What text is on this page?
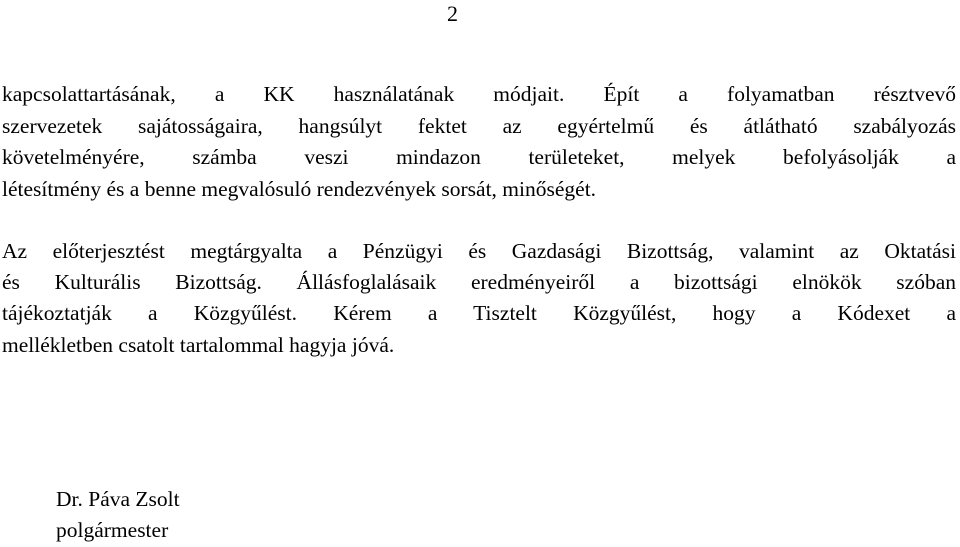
2
kapcsolattartásának, a KK használatának módjait. Épít a folyamatban résztvevő
szervezetek sajátosságaira, hangsúlyt fektet az egyértelmű és átlátható szabályozás
követelményére, számba veszi mindazon területeket, melyek befolyásolják a
létesítmény és a benne megvalósuló rendezvények sorsát, minőségét.
Az előterjesztést megtárgyalta a Pénzügyi és Gazdasági Bizottság, valamint az Oktatási
és Kulturális Bizottság. Állásfoglalásaik eredményeiről a bizottsági elnökök szóban
tájékoztatják a Közgyűlést. Kérem a Tisztelt Közgyűlést, hogy a Kódexet a
mellékletben csatolt tartalommal hagyja jóvá.
Dr. Páva Zsolt
polgármester
